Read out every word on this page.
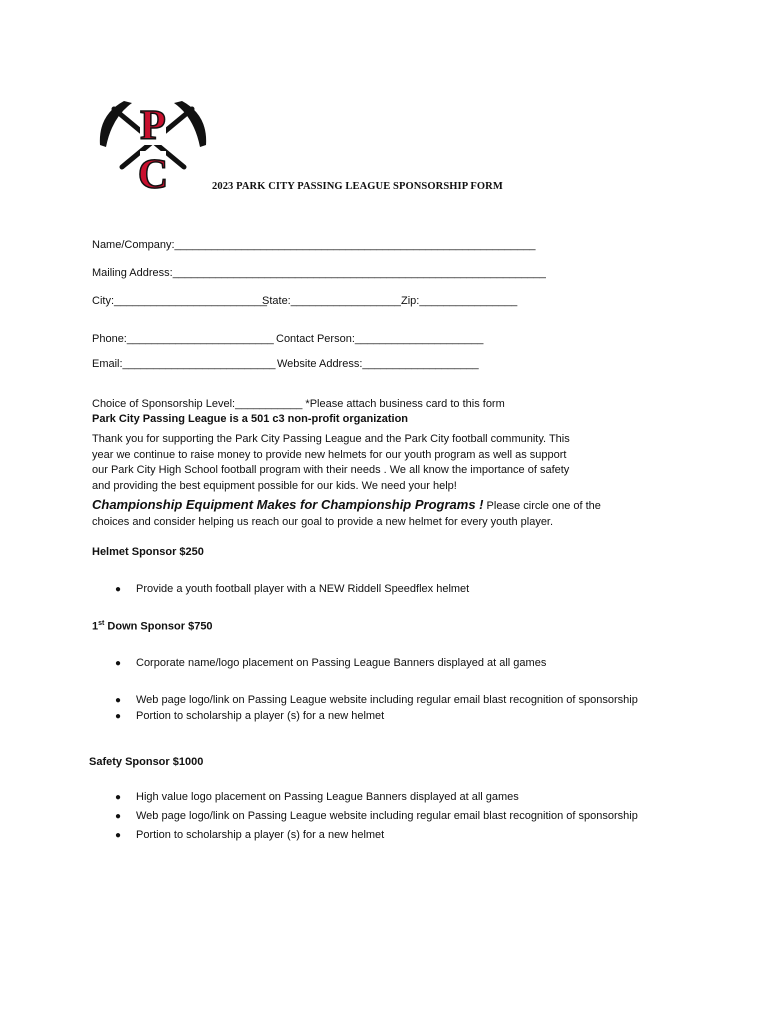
P
C	2023 PARK CITY PASSING LEAGUE SPONSORSHIP FORM
Name/Company:___________________________________________________________
Mailing Address:_____________________________________________________________
City:_________________________
State:__________________ Zip:________________
Phone:________________________ Contact Person:_____________________
Email:_________________________ Website Address:___________________
Choice of Sponsorship Level:___________ *Please attach business card to this form
Park City Passing League is a 501 c3 non-profit organization
Thank you for supporting the Park City Passing League and the Park City football community. This
year we continue to raise money to provide new helmets for our youth program as well as support
our Park City High School football program with their needs . We all know the importance of safety
and providing the best equipment possible for our kids. We need your help!
Championship Equipment Makes for Championship Programs ! Please circle one of the
choices and consider helping us reach our goal to provide a new helmet for every youth player.
Helmet Sponsor $250
● Provide a youth football player with a NEW Riddell Speedflex helmet
1st Down Sponsor $750
● Corporate name/logo placement on Passing League Banners displayed at all games
● Web page logo/link on Passing League website including regular email blast recognition of sponsorship
● Portion to scholarship a player (s) for a new helmet
Safety Sponsor $1000
● High value logo placement on Passing League Banners displayed at all games
● Web page logo/link on Passing League website including regular email blast recognition of sponsorship
● Portion to scholarship a player (s) for a new helmet
